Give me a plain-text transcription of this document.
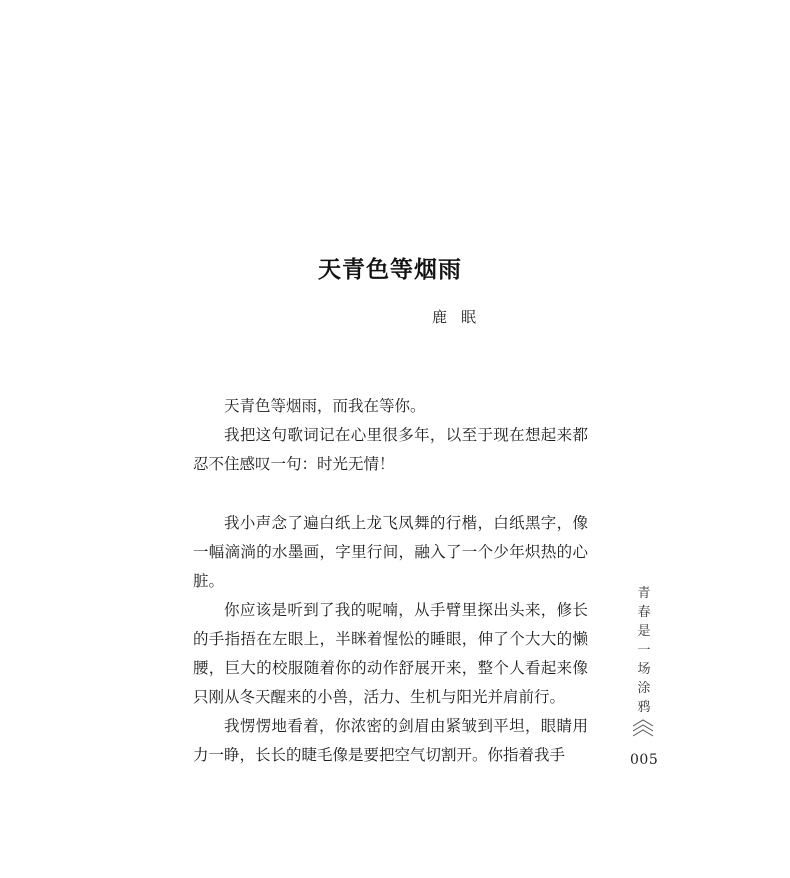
天青色等烟雨
鹿眠

天青色等烟雨，而我在等你。

我把这句歌词记在心里很多年，以至于现在想起来都忍不住感叹一句：时光无情！

我小声念了遍白纸上龙飞凤舞的行楷，白纸黑字，像一幅滴淌的水墨画，字里行间，融入了一个少年炽热的心脏。

你应该是听到了我的呢喃，从手臂里探出头来，修长的手指捂在左眼上，半眯着惺忪的睡眼，伸了个大大的懒腰，巨大的校服随着你的动作舒展开来，整个人看起来像只刚从冬天醒来的小兽，活力、生机与阳光并肩前行。

我愣愣地看着，你浓密的剑眉由紧皱到平坦，眼睛用力一睁，长长的睫毛像是要把空气切割开。你指着我手

青
春
是
一
场
涂
鸦
005
